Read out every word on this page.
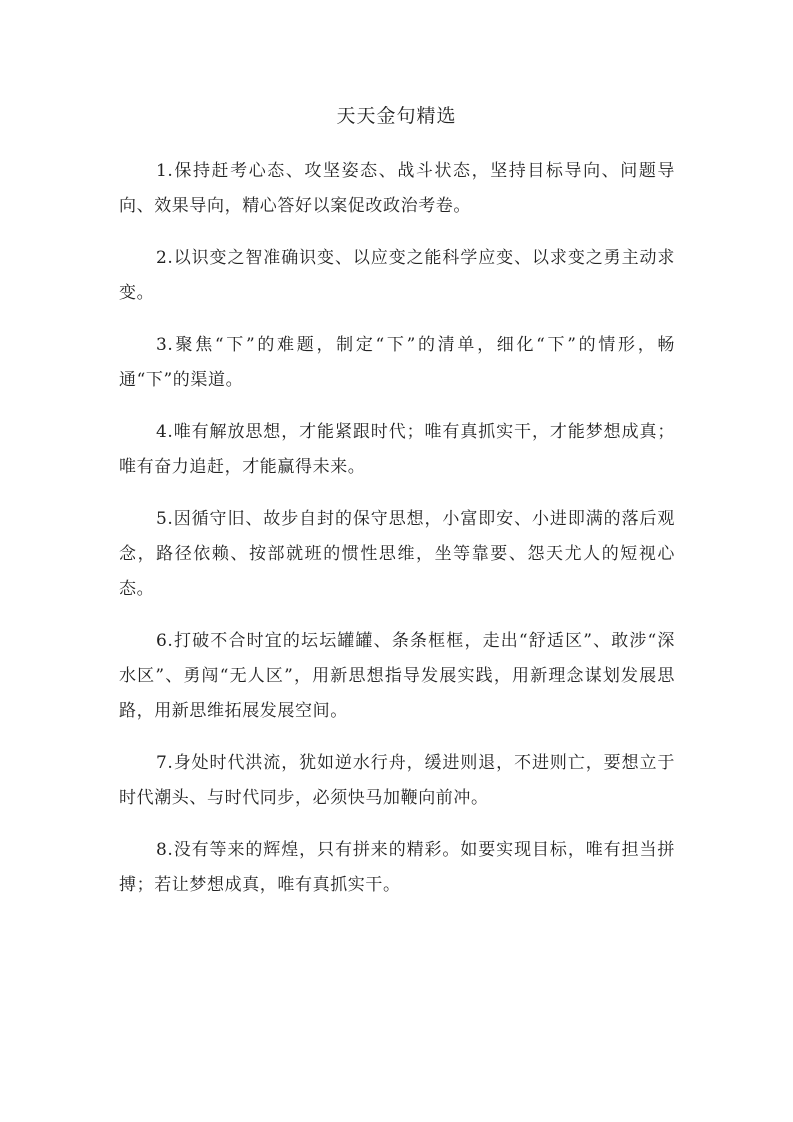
天天金句精选

1.保持赶考心态、攻坚姿态、战斗状态，坚持目标导向、问题导向、效果导向，精心答好以案促改政治考卷。

2.以识变之智准确识变、以应变之能科学应变、以求变之勇主动求变。

3.聚焦“下”的难题，制定“下”的清单，细化“下”的情形，畅通“下”的渠道。

4.唯有解放思想，才能紧跟时代；唯有真抓实干，才能梦想成真；唯有奋力追赶，才能赢得未来。

5.因循守旧、故步自封的保守思想，小富即安、小进即满的落后观念，路径依赖、按部就班的惯性思维，坐等靠要、怨天尤人的短视心态。

6.打破不合时宜的坛坛罐罐、条条框框，走出“舒适区”、敢涉“深水区”、勇闯“无人区”，用新思想指导发展实践，用新理念谋划发展思路，用新思维拓展发展空间。

7.身处时代洪流，犹如逆水行舟，缓进则退，不进则亡，要想立于时代潮头、与时代同步，必须快马加鞭向前冲。

8.没有等来的辉煌，只有拼来的精彩。如要实现目标，唯有担当拼搏；若让梦想成真，唯有真抓实干。
